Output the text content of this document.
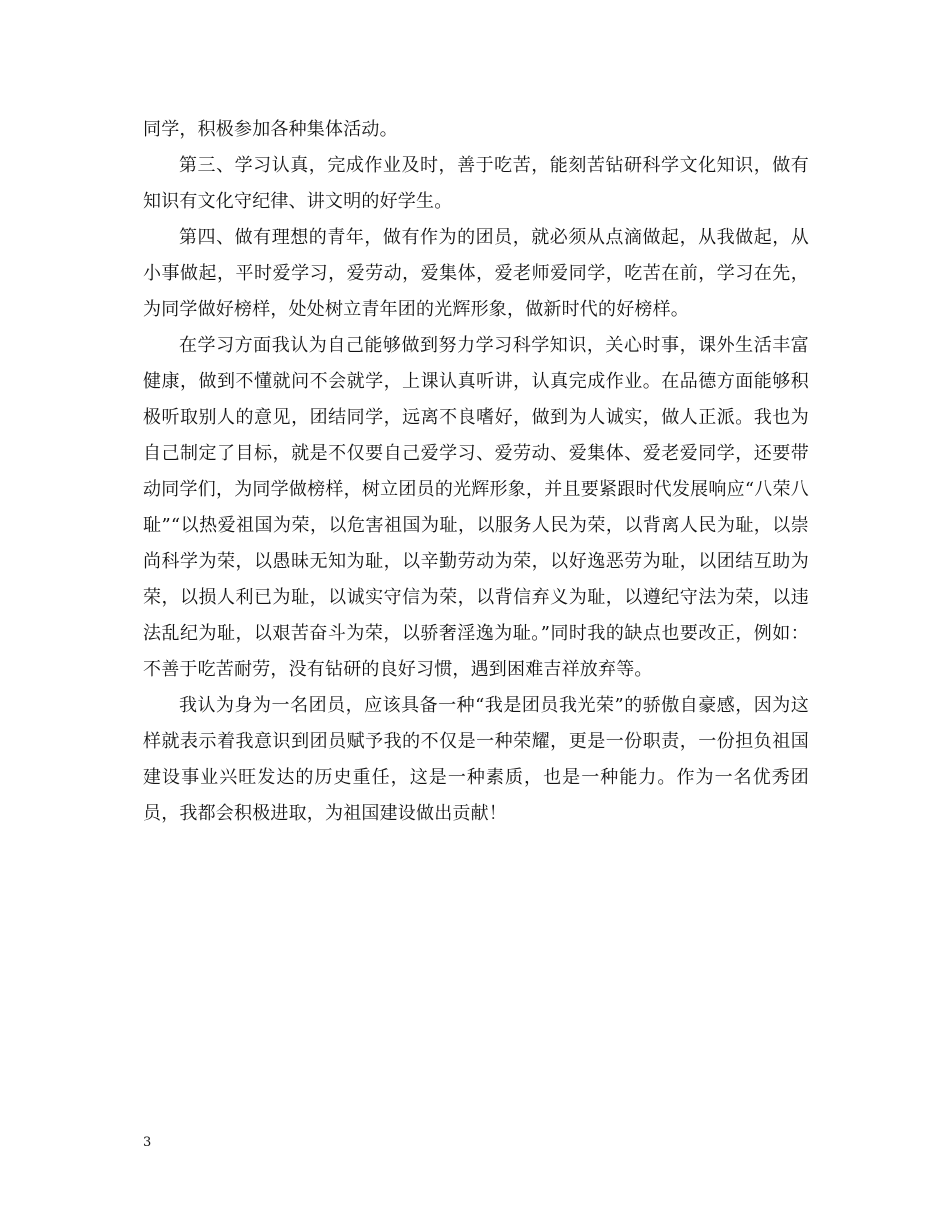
同学，积极参加各种集体活动。

第三、学习认真，完成作业及时，善于吃苦，能刻苦钻研科学文化知识，做有知识有文化守纪律、讲文明的好学生。

第四、做有理想的青年，做有作为的团员，就必须从点滴做起，从我做起，从小事做起，平时爱学习，爱劳动，爱集体，爱老师爱同学，吃苦在前，学习在先，为同学做好榜样，处处树立青年团的光辉形象，做新时代的好榜样。

在学习方面我认为自己能够做到努力学习科学知识，关心时事，课外生活丰富健康，做到不懂就问不会就学，上课认真听讲，认真完成作业。在品德方面能够积极听取别人的意见，团结同学，远离不良嗜好，做到为人诚实，做人正派。我也为自己制定了目标，就是不仅要自己爱学习、爱劳动、爱集体、爱老爱同学，还要带动同学们，为同学做榜样，树立团员的光辉形象，并且要紧跟时代发展响应“八荣八耻”“以热爱祖国为荣，以危害祖国为耻，以服务人民为荣，以背离人民为耻，以崇尚科学为荣，以愚昧无知为耻，以辛勤劳动为荣，以好逸恶劳为耻，以团结互助为荣，以损人利已为耻，以诚实守信为荣，以背信弃义为耻，以遵纪守法为荣，以违法乱纪为耻，以艰苦奋斗为荣，以骄奢淫逸为耻。”同时我的缺点也要改正，例如：不善于吃苦耐劳，没有钻研的良好习惯，遇到困难吉祥放弃等。

我认为身为一名团员，应该具备一种“我是团员我光荣”的骄傲自豪感，因为这样就表示着我意识到团员赋予我的不仅是一种荣耀，更是一份职责，一份担负祖国建设事业兴旺发达的历史重任，这是一种素质，也是一种能力。作为一名优秀团员，我都会积极进取，为祖国建设做出贡献！

3
